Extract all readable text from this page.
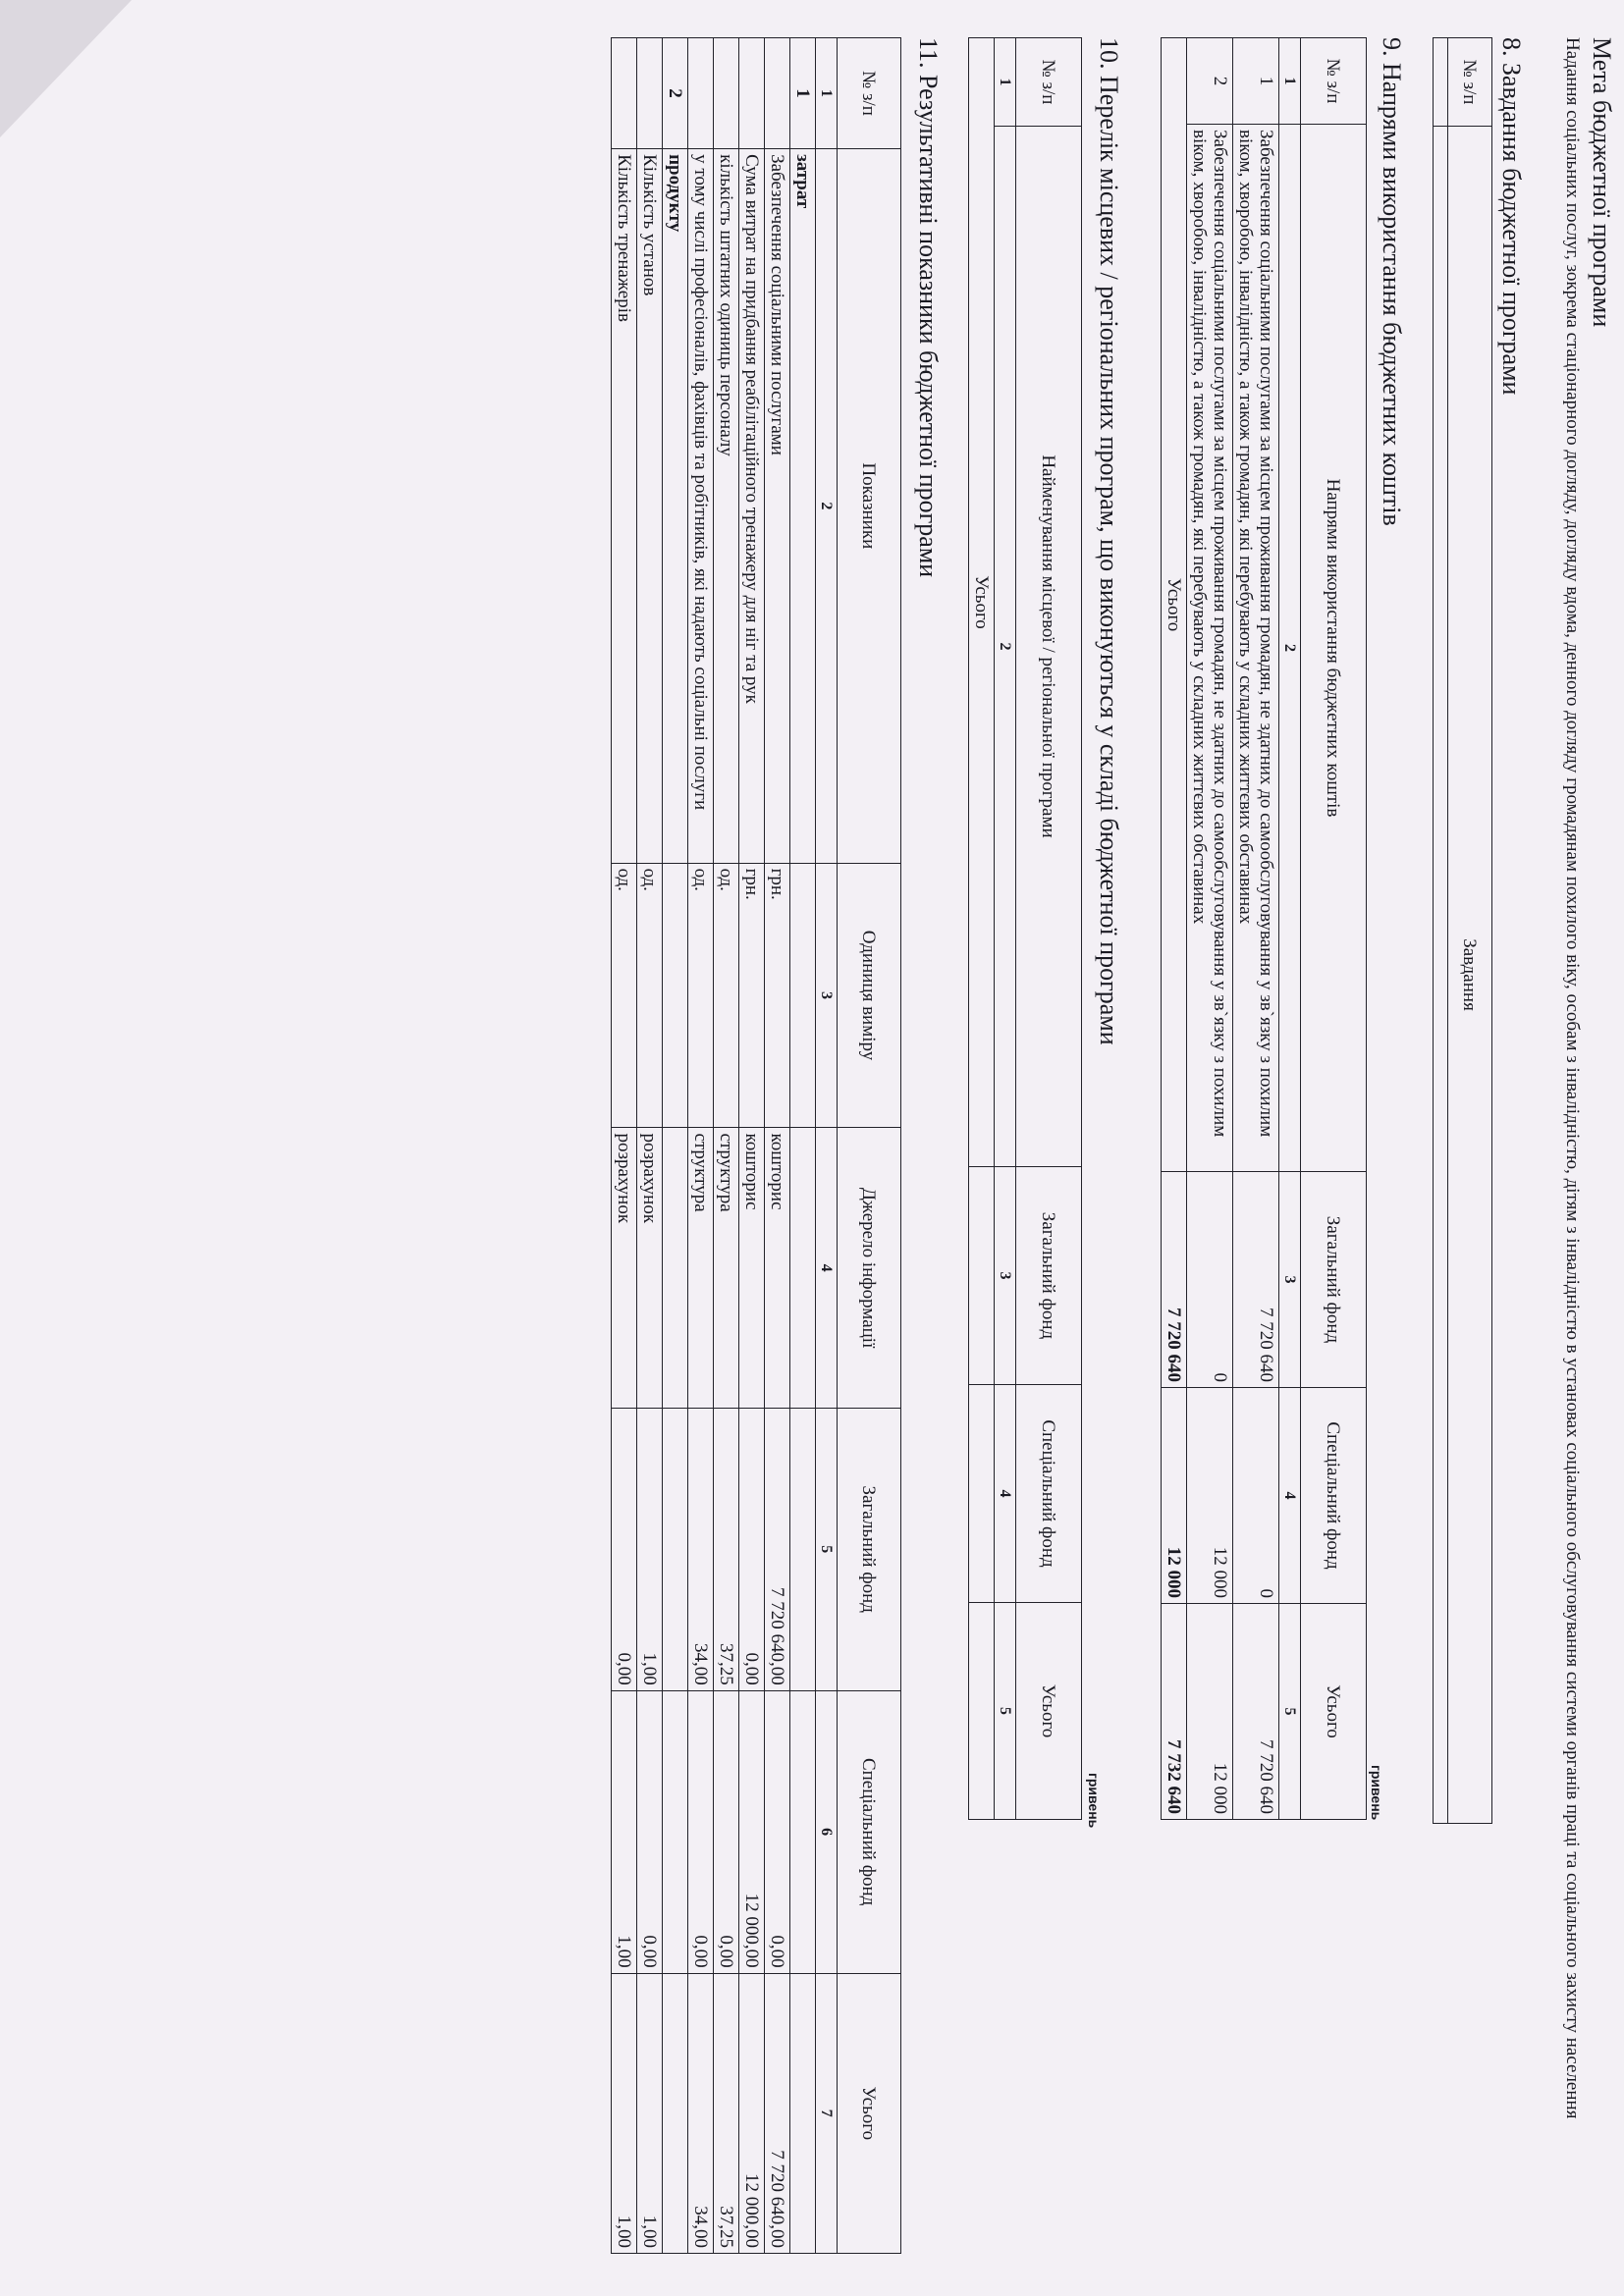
Мета бюджетної програми
Надання соціальних послуг, зокрема стаціонарного догляду, догляду вдома, денного догляду громадянам похилого віку, особам з інвалідністю, дітям з інвалідністю в установах соціального обслуговування системи органів праці та соціального захисту населення
8. Завдання бюджетної програми
№ з/п	Завдання

9. Напрями використання бюджетних коштів
гривень
№ з/п	Напрями використання бюджетних коштів	Загальний фонд	Спеціальний фонд	Усього
1	2	3	4	5
1	Забезпечення соціальними послугами за місцем проживання громадян, не здатних до самообслуговування у зв`язку з похилим віком, хворобою, інвалідністю, а також громадян, які перебувають у складних життєвих обставинах	7 720 640	0	7 720 640
2	Забезпечення соціальними послугами за місцем проживання громадян, не здатних до самообслуговування у зв`язку з похилим віком, хворобою, інвалідністю, а також громадян, які перебувають у складних життєвих обставинах	0	12 000	12 000
Усього		7 720 640	12 000	7 732 640
10. Перелік місцевих / регіональних програм, що виконуються у складі бюджетної програми
гривень
№ з/п	Найменування місцевої / регіональної програми	Загальний фонд	Спеціальний фонд	Усього
1	2	3	4	5
Усього				
11. Результативні показники бюджетної програми
№ з/п	Показники	Одиниця виміру	Джерело інформації	Загальний фонд	Спеціальний фонд	Усього
1	2	3	4	5	6	7
1	затрат					
	Забезпечення соціальними послугами	грн.	кошторис	7 720 640,00	0,00	7 720 640,00
	Сума витрат на придбання реабілітаційного тренажеру для ніг та рук	грн.	кошторис	0,00	12 000,00	12 000,00
	кількість штатних одиниць персоналу	од.	структура	37,25	0,00	37,25
	у тому числі професіоналів, фахівців та робітників, які надають соціальні послуги	од.	структура	34,00	0,00	34,00
2	продукту					
	Кількість установ	од.	розрахунок	1,00	0,00	1,00
	Кількість тренажерів	од.	розрахунок	0,00	1,00	1,00
